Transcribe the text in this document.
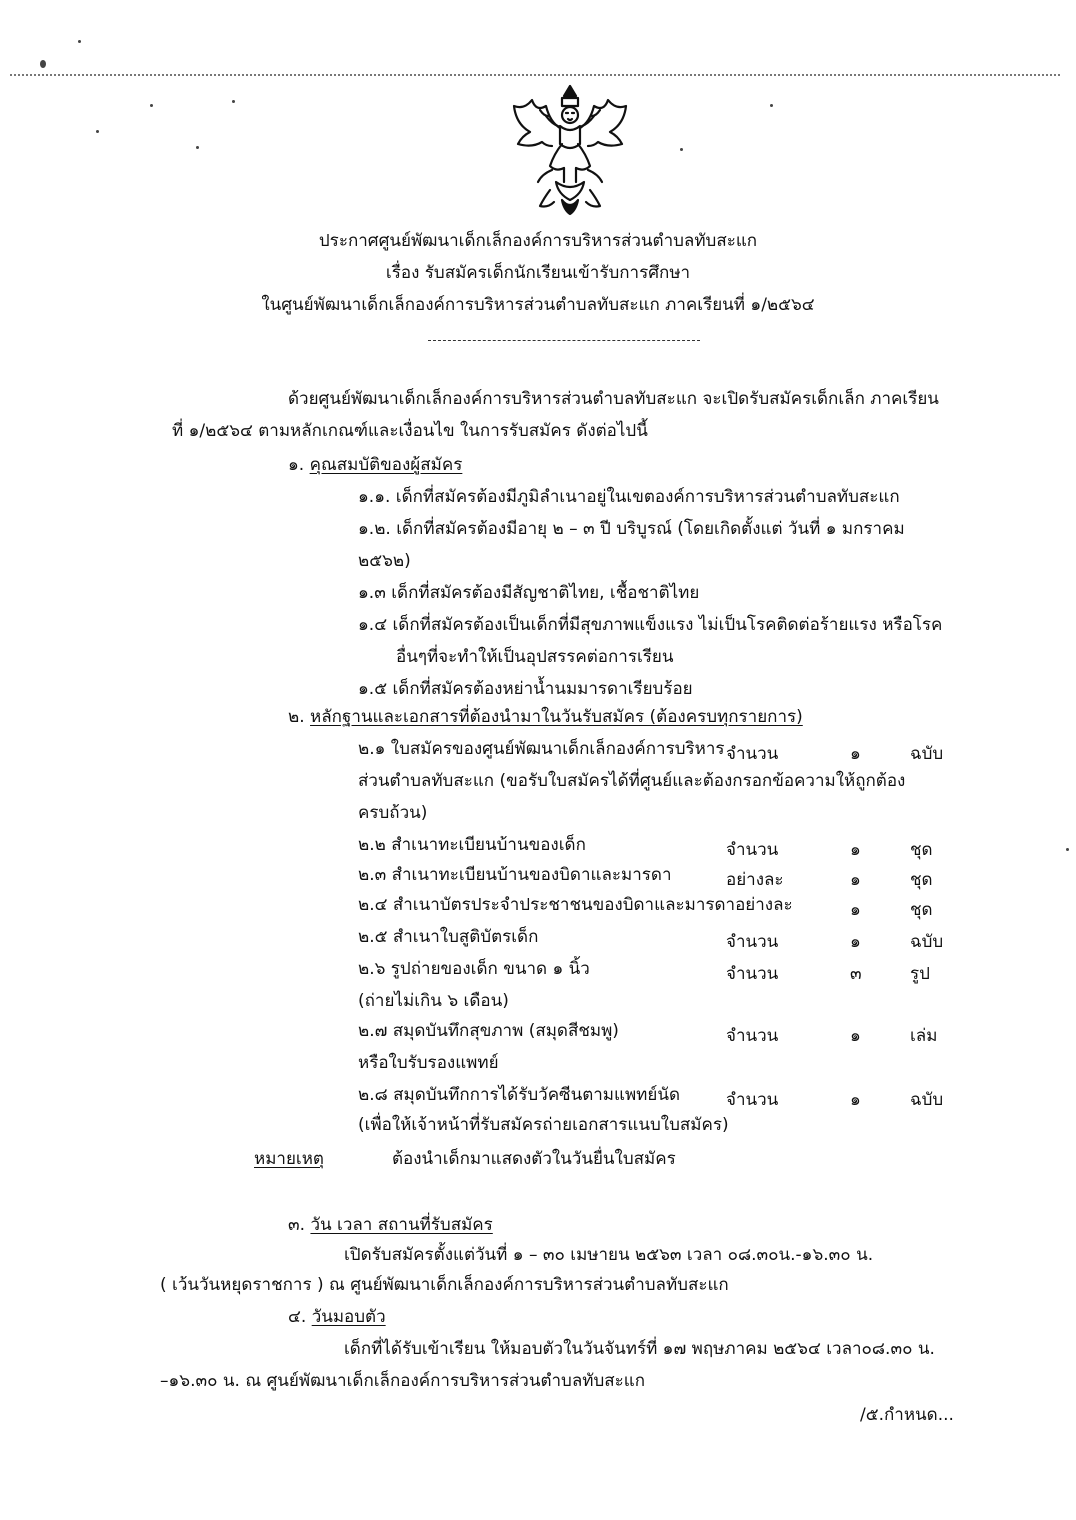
ประกาศศูนย์พัฒนาเด็กเล็กองค์การบริหารส่วนตำบลทับสะแก
เรื่อง รับสมัครเด็กนักเรียนเข้ารับการศึกษา
ในศูนย์พัฒนาเด็กเล็กองค์การบริหารส่วนตำบลทับสะแก ภาคเรียนที่ ๑/๒๕๖๔
ด้วยศูนย์พัฒนาเด็กเล็กองค์การบริหารส่วนตำบลทับสะแก จะเปิดรับสมัครเด็กเล็ก ภาคเรียน
ที่ ๑/๒๕๖๔ ตามหลักเกณฑ์และเงื่อนไข ในการรับสมัคร ดังต่อไปนี้
๑. คุณสมบัติของผู้สมัคร
๑.๑. เด็กที่สมัครต้องมีภูมิลำเนาอยู่ในเขตองค์การบริหารส่วนตำบลทับสะแก
๑.๒. เด็กที่สมัครต้องมีอายุ ๒ – ๓ ปี บริบูรณ์ (โดยเกิดตั้งแต่ วันที่ ๑ มกราคม
๒๕๖๒)
๑.๓ เด็กที่สมัครต้องมีสัญชาติไทย, เชื้อชาติไทย
๑.๔ เด็กที่สมัครต้องเป็นเด็กที่มีสุขภาพแข็งแรง ไม่เป็นโรคติดต่อร้ายแรง หรือโรค
อื่นๆที่จะทำให้เป็นอุปสรรคต่อการเรียน
๑.๕ เด็กที่สมัครต้องหย่าน้ำนมมารดาเรียบร้อย
๒. หลักฐานและเอกสารที่ต้องนำมาในวันรับสมัคร (ต้องครบทุกรายการ)
๒.๑ ใบสมัครของศูนย์พัฒนาเด็กเล็กองค์การบริหาร จำนวน	๑	ฉบับ
ส่วนตำบลทับสะแก (ขอรับใบสมัครได้ที่ศูนย์และต้องกรอกข้อความให้ถูกต้อง
ครบถ้วน)
๒.๒ สำเนาทะเบียนบ้านของเด็ก	จำนวน	๑	ชุด
๒.๓ สำเนาทะเบียนบ้านของบิดาและมารดา	อย่างละ	๑	ชุด
๒.๔ สำเนาบัตรประจำประชาชนของบิดาและมารดาอย่างละ	๑	ชุด
๒.๕ สำเนาใบสูติบัตรเด็ก	จำนวน	๑	ฉบับ
๒.๖ รูปถ่ายของเด็ก ขนาด ๑ นิ้ว	จำนวน	๓	รูป
(ถ่ายไม่เกิน ๖ เดือน)
๒.๗ สมุดบันทึกสุขภาพ (สมุดสีชมพู)	จำนวน	๑	เล่ม
หรือใบรับรองแพทย์
๒.๘ สมุดบันทึกการได้รับวัคซีนตามแพทย์นัด	จำนวน	๑	ฉบับ
(เพื่อให้เจ้าหน้าที่รับสมัครถ่ายเอกสารแนบใบสมัคร)
หมายเหตุ	ต้องนำเด็กมาแสดงตัวในวันยื่นใบสมัคร
๓. วัน เวลา สถานที่รับสมัคร
เปิดรับสมัครตั้งแต่วันที่ ๑ – ๓๐ เมษายน ๒๕๖๓ เวลา ๐๘.๓๐น.-๑๖.๓๐ น.
( เว้นวันหยุดราชการ ) ณ ศูนย์พัฒนาเด็กเล็กองค์การบริหารส่วนตำบลทับสะแก
๔. วันมอบตัว
เด็กที่ได้รับเข้าเรียน ให้มอบตัวในวันจันทร์ที่ ๑๗ พฤษภาคม ๒๕๖๔ เวลา๐๘.๓๐ น.
–๑๖.๓๐ น. ณ ศูนย์พัฒนาเด็กเล็กองค์การบริหารส่วนตำบลทับสะแก
/๕.กำหนด...
